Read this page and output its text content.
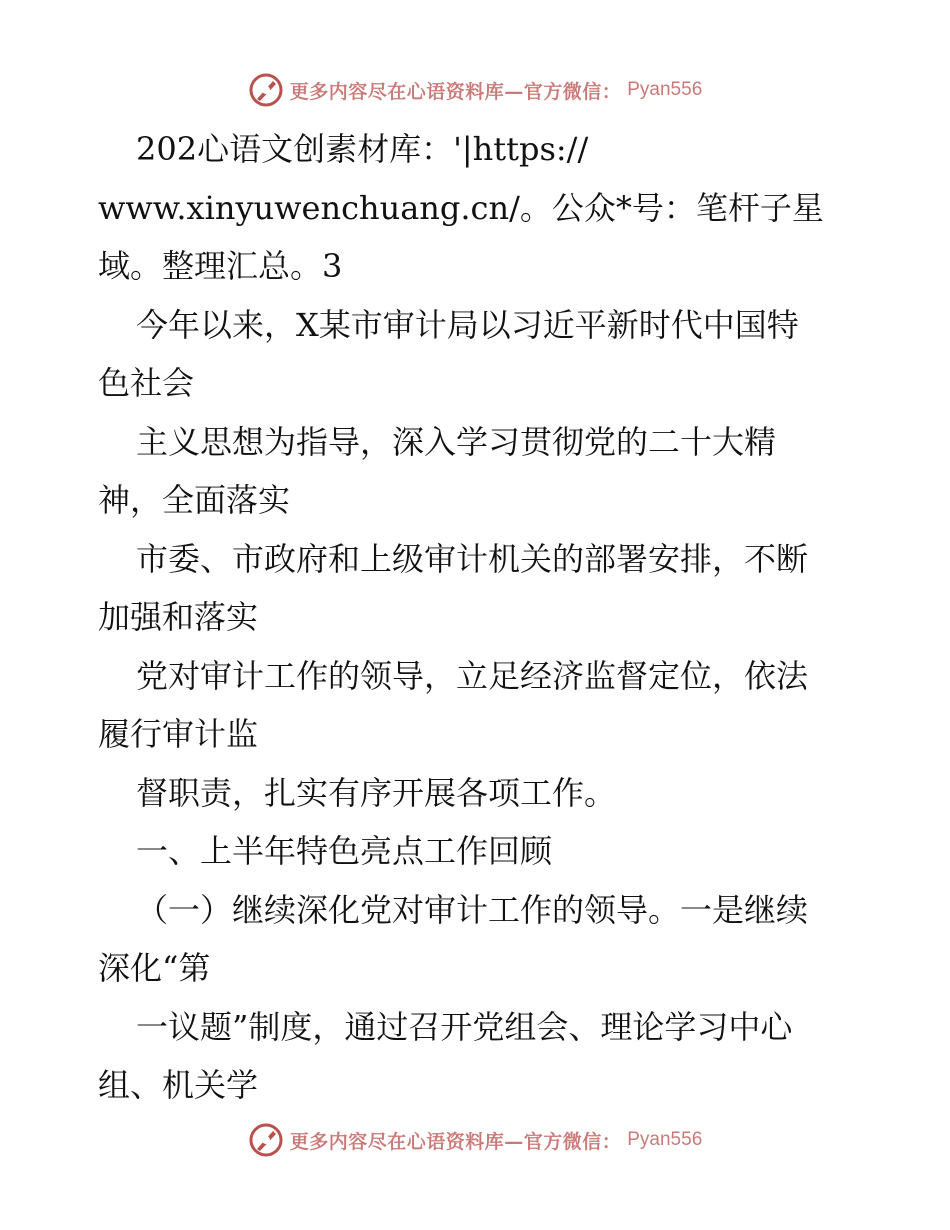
更多内容尽在心语资料库—官方微信： Pyan556
202心语文创素材库：'|https://
www.xinyuwenchuang.cn/。公众*号：笔杆子星
域。整理汇总。3
今年以来，X某市审计局以习近平新时代中国特
色社会
主义思想为指导，深入学习贯彻党的二十大精
神，全面落实
市委、市政府和上级审计机关的部署安排，不断
加强和落实
党对审计工作的领导，立足经济监督定位，依法
履行审计监
督职责，扎实有序开展各项工作。
一、上半年特色亮点工作回顾
（一）继续深化党对审计工作的领导。一是继续
深化“第
一议题”制度，通过召开党组会、理论学习中心
组、机关学
更多内容尽在心语资料库—官方微信： Pyan556
